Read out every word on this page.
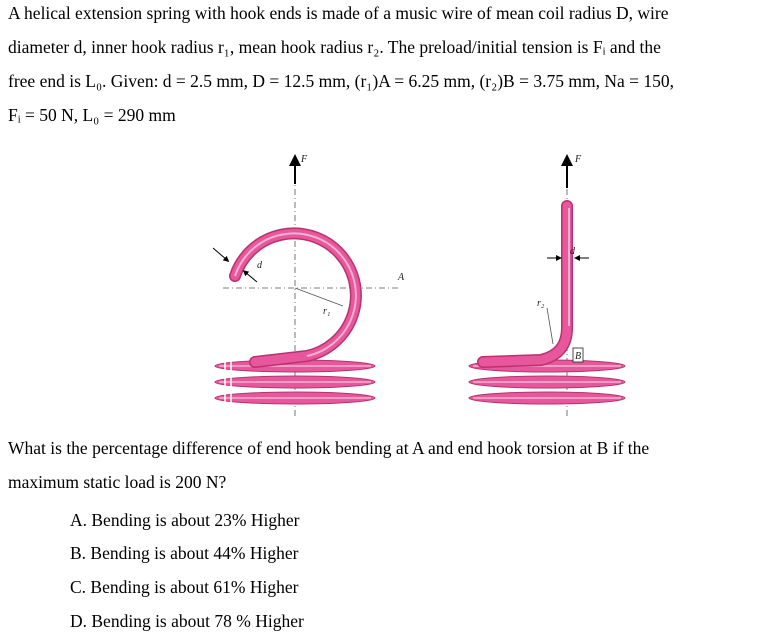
A helical extension spring with hook ends is made of a music wire of mean coil radius D, wire
diameter d, inner hook radius r₁, mean hook radius r₂. The preload/initial tension is Fᵢ and the
free end is L₀. Given: d = 2.5 mm, D = 12.5 mm, (r₁)A = 6.25 mm, (r₂)B = 3.75 mm, Na = 150,
Fᵢ = 50 N, L₀ = 290 mm
F
d
r₁
A
F
d
r₂
B
What is the percentage difference of end hook bending at A and end hook torsion at B if the
maximum static load is 200 N?
A. Bending is about 23% Higher
B. Bending is about 44% Higher
C. Bending is about 61% Higher
D. Bending is about 78 % Higher
